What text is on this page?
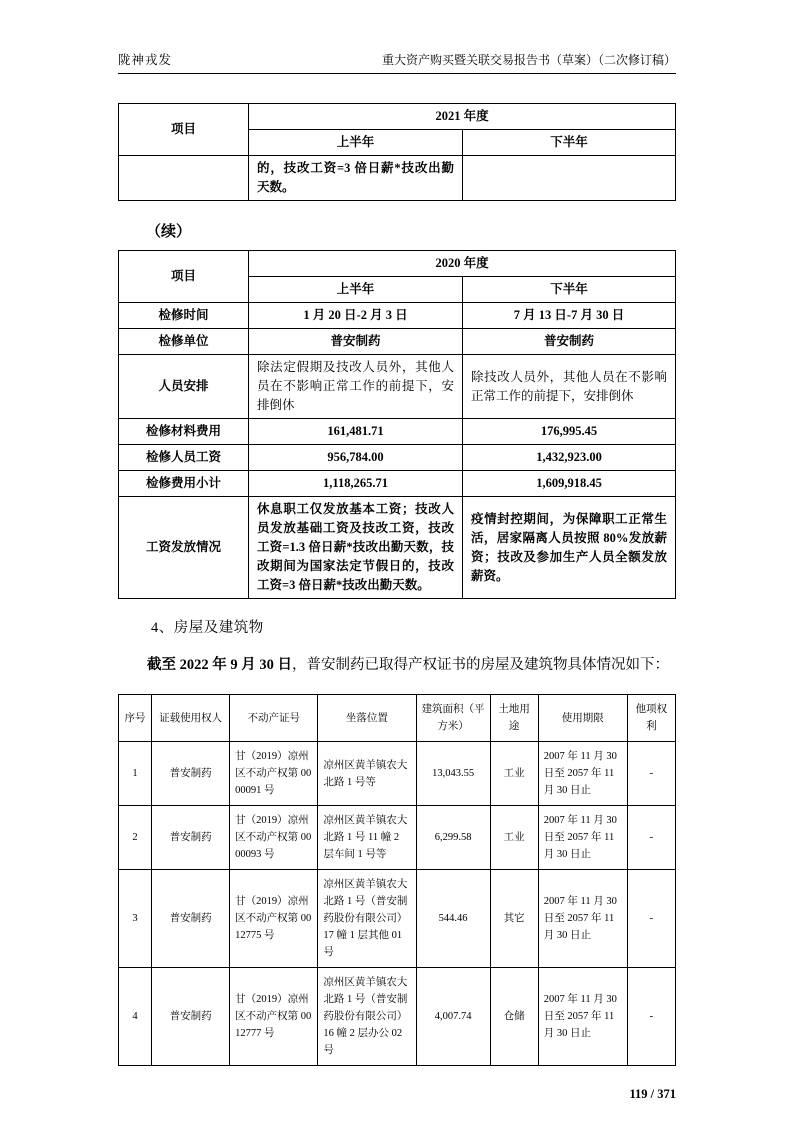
陇神戎发	重大资产购买暨关联交易报告书（草案）（二次修订稿）
项目	2021 年度	
	上半年	下半年
	的，技改工资=3 倍日薪*技改出勤天数。	
（续）
项目	2020 年度	
	上半年	下半年
检修时间	1 月 20 日-2 月 3 日	7 月 13 日-7 月 30 日
检修单位	普安制药	普安制药
人员安排	除法定假期及技改人员外，其他人员在不影响正常工作的前提下，安排倒休	除技改人员外，其他人员在不影响正常工作的前提下，安排倒休
检修材料费用	161,481.71	176,995.45
检修人员工资	956,784.00	1,432,923.00
检修费用小计	1,118,265.71	1,609,918.45
工资发放情况	休息职工仅发放基本工资；技改人员发放基础工资及技改工资，技改工资=1.3 倍日薪*技改出勤天数，技改期间为国家法定节假日的，技改工资=3 倍日薪*技改出勤天数。	疫情封控期间，为保障职工正常生活，居家隔离人员按照 80%发放薪资；技改及参加生产人员全额发放薪资。
4、房屋及建筑物

截至 2022 年 9 月 30 日，普安制药已取得产权证书的房屋及建筑物具体情况如下：

序号	证载使用权人	不动产证号	坐落位置	建筑面积（平方米）	土地用途	使用期限	他项权利
1	普安制药	甘（2019）凉州区不动产权第 0000091 号	凉州区黄羊镇农大北路 1 号等	13,043.55	工业	2007 年 11 月 30 日至 2057 年 11 月 30 日止	-
2	普安制药	甘（2019）凉州区不动产权第 0000093 号	凉州区黄羊镇农大北路 1 号 11 幢 2 层车间 1 号等	6,299.58	工业	2007 年 11 月 30 日至 2057 年 11 月 30 日止	-
3	普安制药	甘（2019）凉州区不动产权第 0012775 号	凉州区黄羊镇农大北路 1 号（普安制药股份有限公司）17 幢 1 层其他 01 号	544.46	其它	2007 年 11 月 30 日至 2057 年 11 月 30 日止	-
4	普安制药	甘（2019）凉州区不动产权第 0012777 号	凉州区黄羊镇农大北路 1 号（普安制药股份有限公司）16 幢 2 层办公 02 号	4,007.74	仓储	2007 年 11 月 30 日至 2057 年 11 月 30 日止	-
119 / 371
